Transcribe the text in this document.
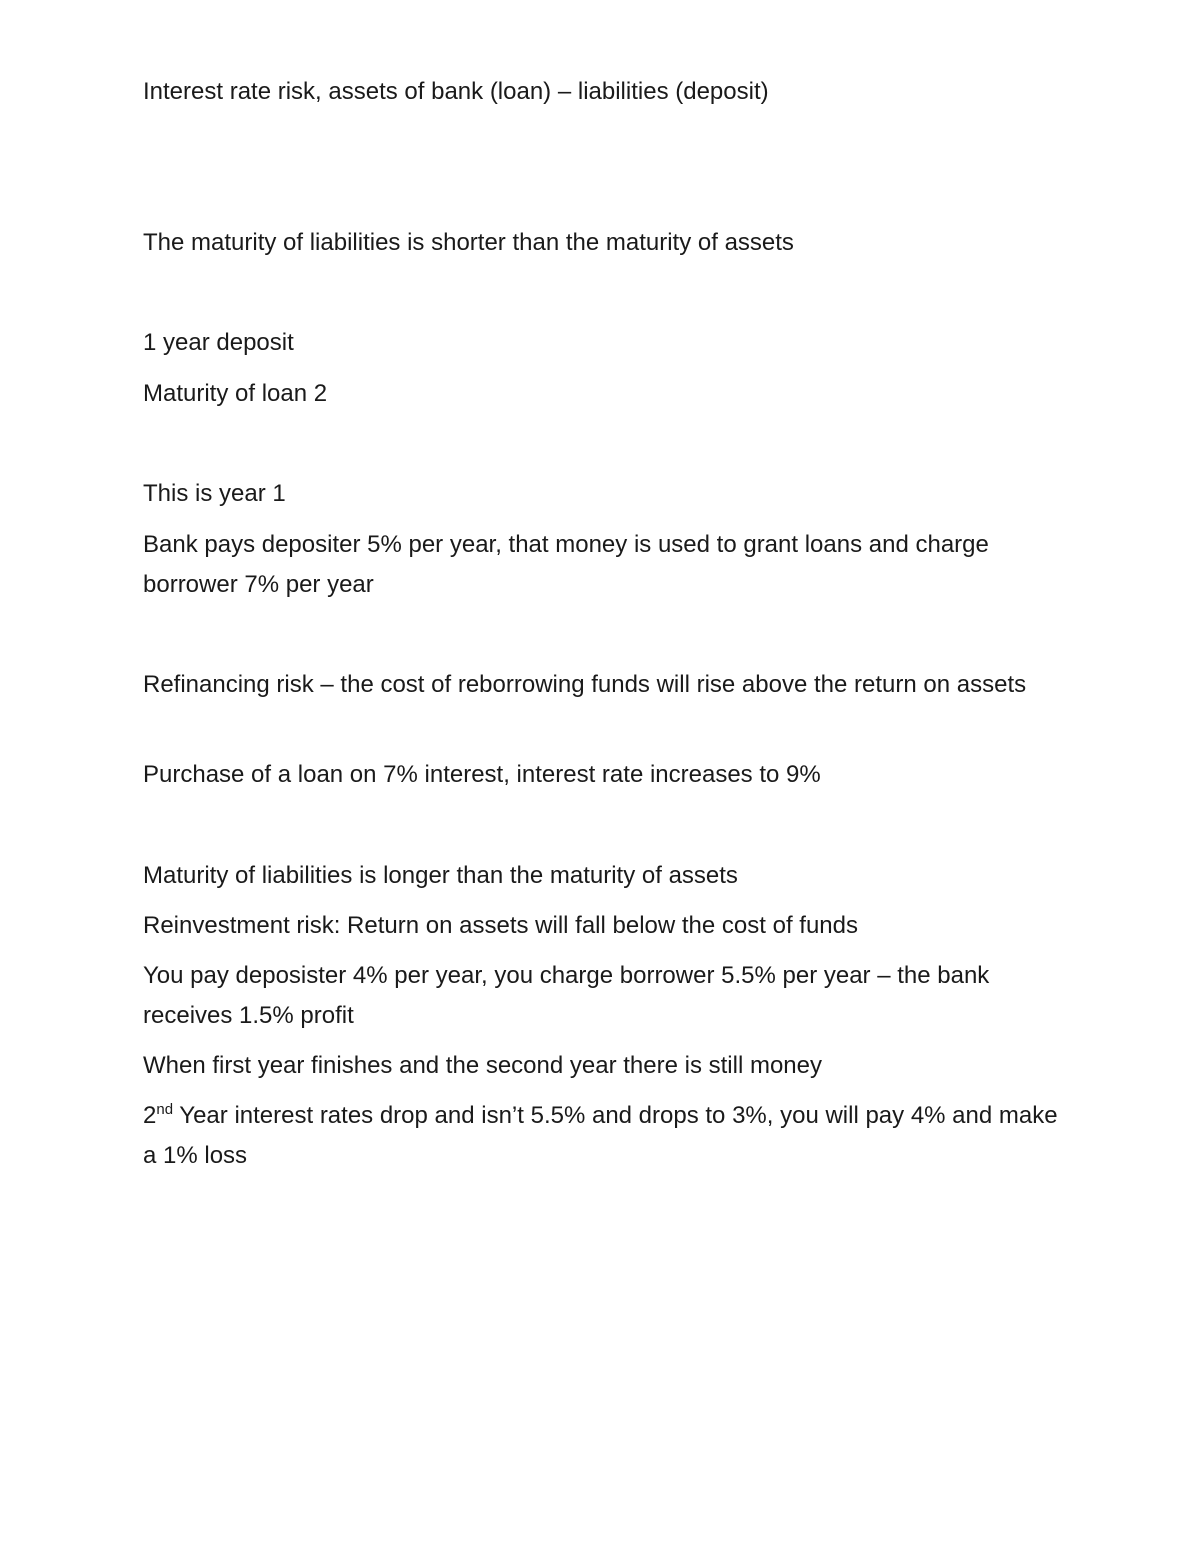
Interest rate risk, assets of bank (loan) – liabilities (deposit)

The maturity of liabilities is shorter than the maturity of assets

1 year deposit

Maturity of loan 2

This is year 1

Bank pays depositer 5% per year, that money is used to grant loans and charge borrower 7% per year

Refinancing risk – the cost of reborrowing funds will rise above the return on assets

Purchase of a loan on 7% interest, interest rate increases to 9%

Maturity of liabilities is longer than the maturity of assets

Reinvestment risk: Return on assets will fall below the cost of funds

You pay deposister 4% per year, you charge borrower 5.5% per year – the bank receives 1.5% profit

When first year finishes and the second year there is still money

2nd Year interest rates drop and isn’t 5.5% and drops to 3%, you will pay 4% and make a 1% loss
